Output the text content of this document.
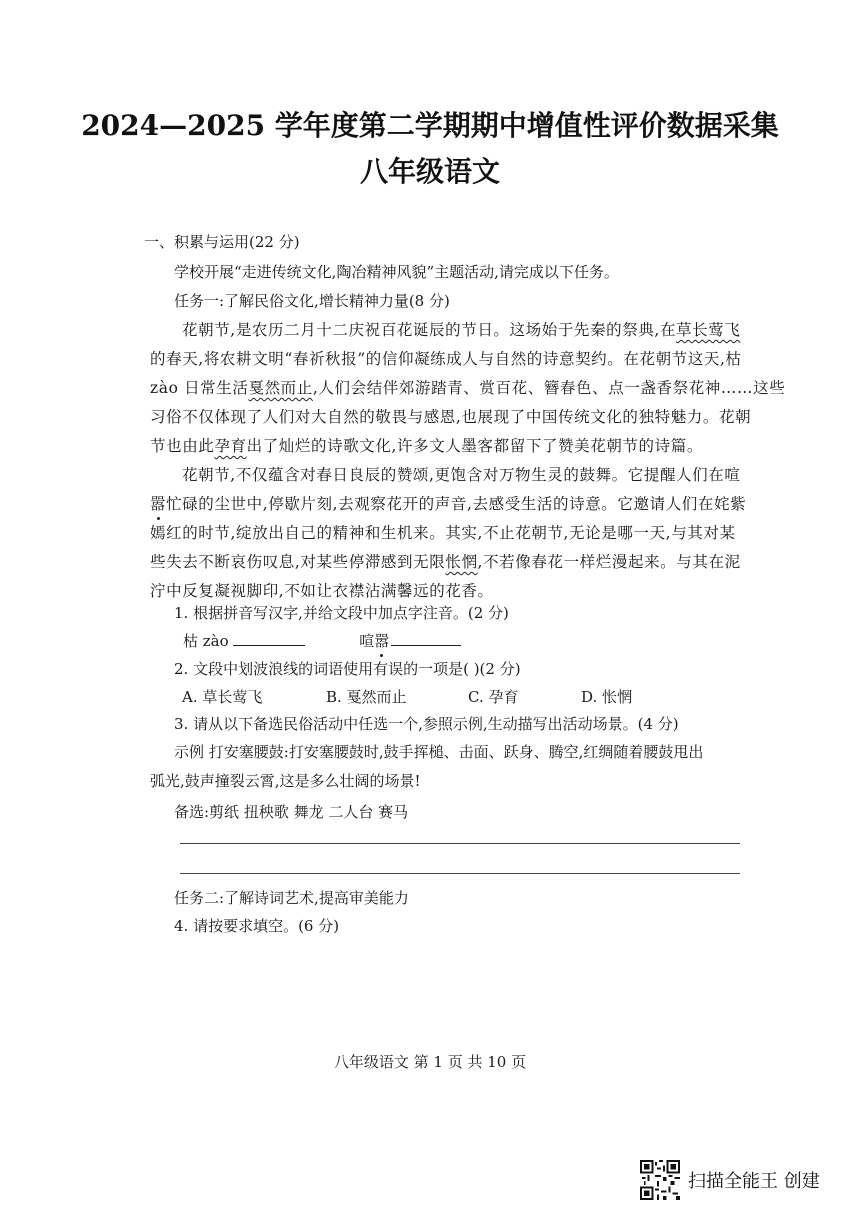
2024—2025 学年度第二学期期中增值性评价数据采集
八年级语文
一、积累与运用(22 分)
学校开展“走进传统文化,陶冶精神风貌”主题活动,请完成以下任务。
任务一:了解民俗文化,增长精神力量(8 分)
花朝节,是农历二月十二庆祝百花诞辰的节日。这场始于先秦的祭典,在草长莺飞
的春天,将农耕文明“春祈秋报”的信仰凝练成人与自然的诗意契约。在花朝节这天,枯
zào 日常生活戛然而止,人们会结伴郊游踏青、赏百花、簪春色、点一盏香祭花神……这些
习俗不仅体现了人们对大自然的敬畏与感恩,也展现了中国传统文化的独特魅力。花朝
节也由此孕育出了灿烂的诗歌文化,许多文人墨客都留下了赞美花朝节的诗篇。
花朝节,不仅蕴含对春日良辰的赞颂,更饱含对万物生灵的鼓舞。它提醒人们在喧
嚣忙碌的尘世中,停歇片刻,去观察花开的声音,去感受生活的诗意。它邀请人们在姹紫
嫣红的时节,绽放出自己的精神和生机来。其实,不止花朝节,无论是哪一天,与其对某
些失去不断哀伤叹息,对某些停滞感到无限怅惘,不若像春花一样烂漫起来。与其在泥
泞中反复凝视脚印,不如让衣襟沾满馨远的花香。
1. 根据拼音写汉字,并给文段中加点字注音。(2 分)
枯 zào	喧嚣
2. 文段中划波浪线的词语使用有误的一项是( )(2 分)
A. 草长莺飞	B. 戛然而止	C. 孕育	D. 怅惘
3. 请从以下备选民俗活动中任选一个,参照示例,生动描写出活动场景。(4 分)
示例 打安塞腰鼓:打安塞腰鼓时,鼓手挥槌、击面、跃身、腾空,红绸随着腰鼓甩出
弧光,鼓声撞裂云霄,这是多么壮阔的场景!
备选:剪纸 扭秧歌 舞龙 二人台 赛马
任务二:了解诗词艺术,提高审美能力
4. 请按要求填空。(6 分)
八年级语文 第 1 页 共 10 页
扫描全能王 创建
